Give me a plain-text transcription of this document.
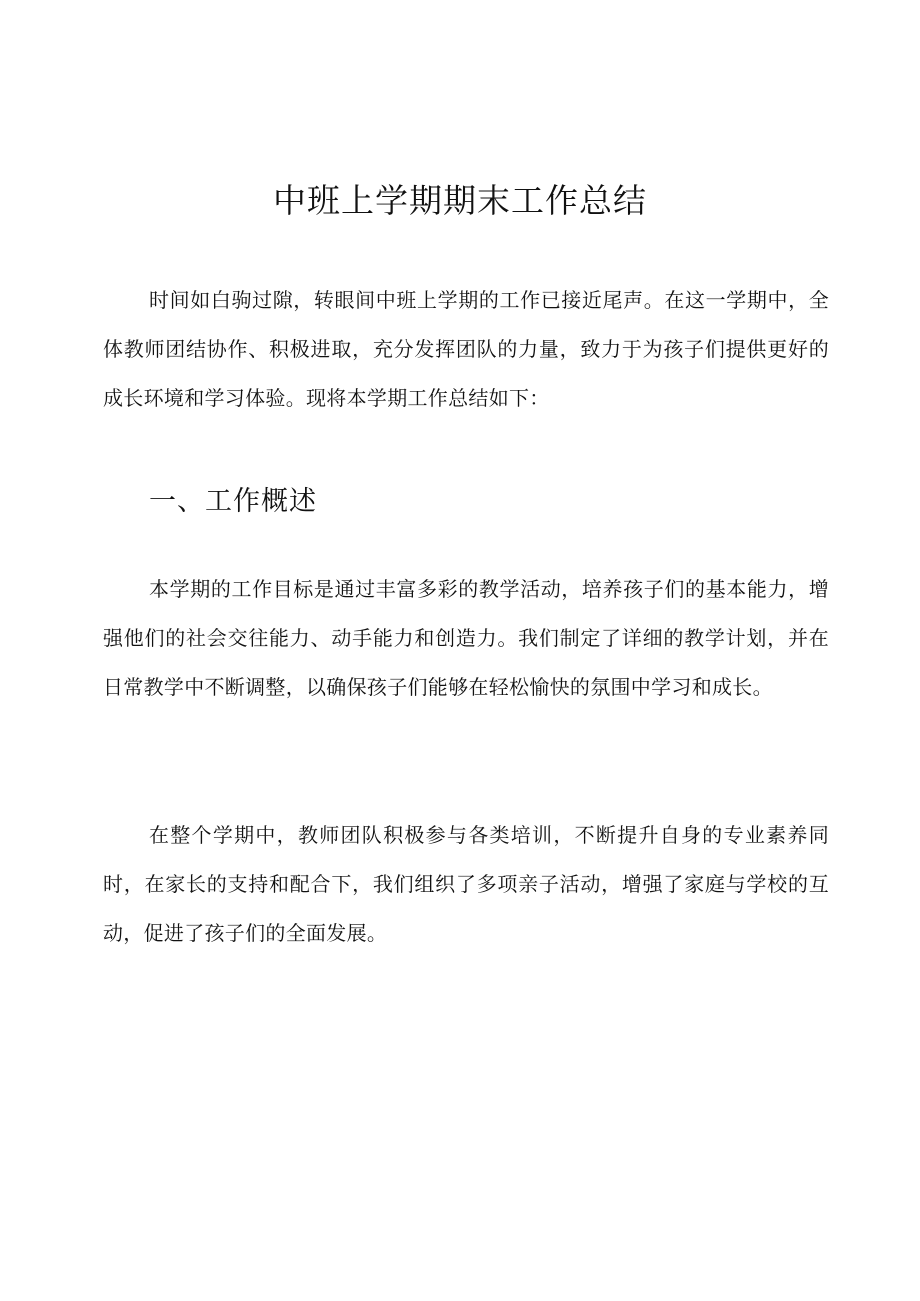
中班上学期期末工作总结

时间如白驹过隙，转眼间中班上学期的工作已接近尾声。在这一学期中，全体教师团结协作、积极进取，充分发挥团队的力量，致力于为孩子们提供更好的成长环境和学习体验。现将本学期工作总结如下：

一、工作概述

本学期的工作目标是通过丰富多彩的教学活动，培养孩子们的基本能力，增强他们的社会交往能力、动手能力和创造力。我们制定了详细的教学计划，并在日常教学中不断调整，以确保孩子们能够在轻松愉快的氛围中学习和成长。

在整个学期中，教师团队积极参与各类培训，不断提升自身的专业素养同时，在家长的支持和配合下，我们组织了多项亲子活动，增强了家庭与学校的互动，促进了孩子们的全面发展。
